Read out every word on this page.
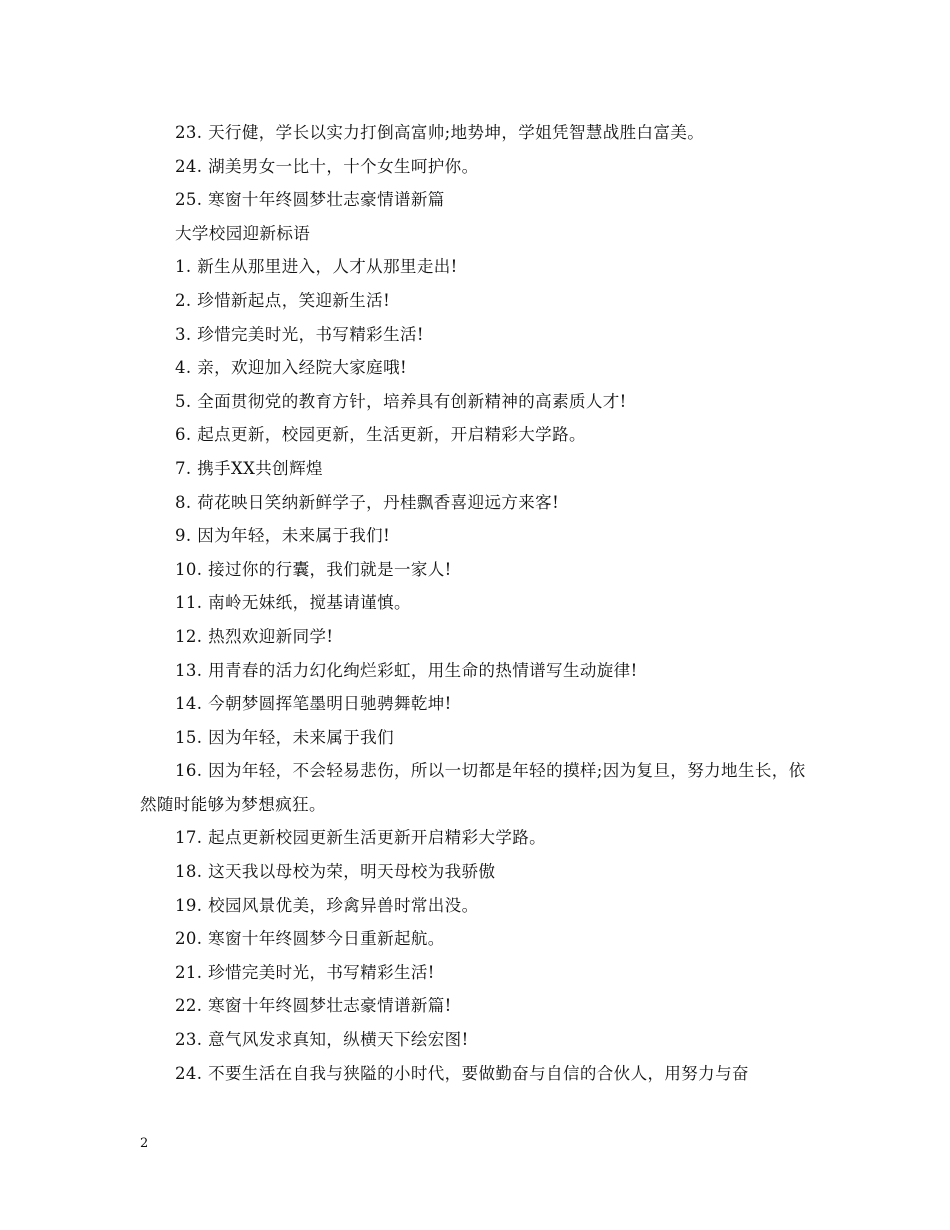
23. 天行健，学长以实力打倒高富帅;地势坤，学姐凭智慧战胜白富美。
24. 湖美男女一比十，十个女生呵护你。
25. 寒窗十年终圆梦壮志豪情谱新篇
大学校园迎新标语
1. 新生从那里进入，人才从那里走出!
2. 珍惜新起点，笑迎新生活!
3. 珍惜完美时光，书写精彩生活!
4. 亲，欢迎加入经院大家庭哦!
5. 全面贯彻党的教育方针，培养具有创新精神的高素质人才!
6. 起点更新，校园更新，生活更新，开启精彩大学路。
7. 携手XX共创辉煌
8. 荷花映日笑纳新鲜学子，丹桂飘香喜迎远方来客!
9. 因为年轻，未来属于我们!
10. 接过你的行囊，我们就是一家人!
11. 南岭无妹纸，搅基请谨慎。
12. 热烈欢迎新同学!
13. 用青春的活力幻化绚烂彩虹，用生命的热情谱写生动旋律!
14. 今朝梦圆挥笔墨明日驰骋舞乾坤!
15. 因为年轻，未来属于我们
16. 因为年轻，不会轻易悲伤，所以一切都是年轻的摸样;因为复旦，努力地生长，依然随时能够为梦想疯狂。
17. 起点更新校园更新生活更新开启精彩大学路。
18. 这天我以母校为荣，明天母校为我骄傲
19. 校园风景优美，珍禽异兽时常出没。
20. 寒窗十年终圆梦今日重新起航。
21. 珍惜完美时光，书写精彩生活!
22. 寒窗十年终圆梦壮志豪情谱新篇!
23. 意气风发求真知，纵横天下绘宏图!
24. 不要生活在自我与狭隘的小时代，要做勤奋与自信的合伙人，用努力与奋
2
